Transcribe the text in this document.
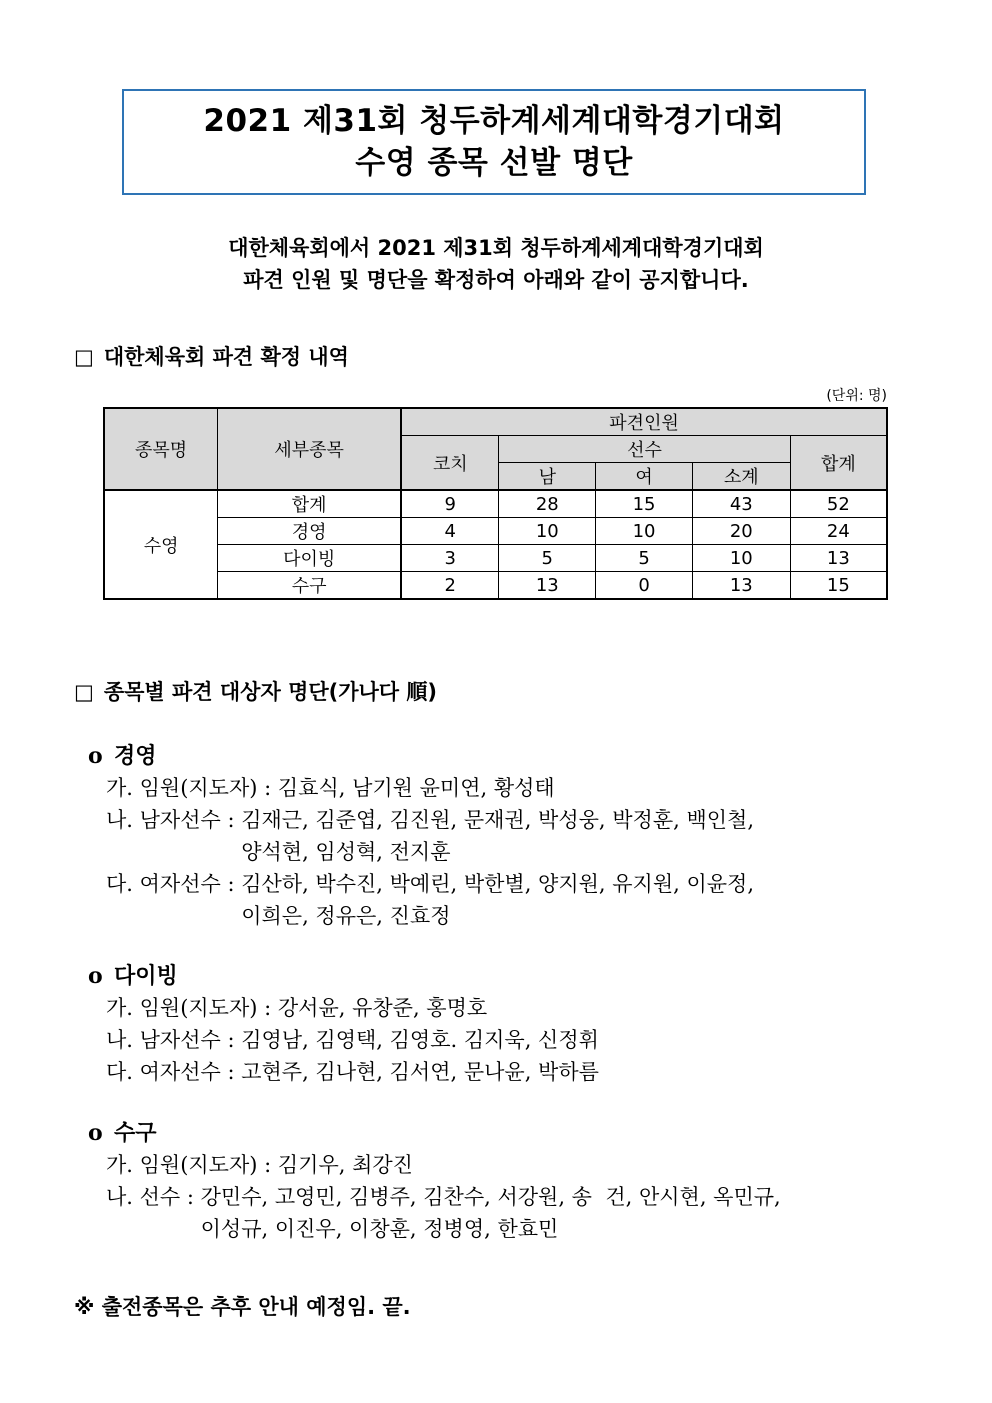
2021 제31회 청두하계세계대학경기대회
수영 종목 선발 명단
대한체육회에서 2021 제31회 청두하계세계대학경기대회
파견 인원 및 명단을 확정하여 아래와 같이 공지합니다.
□ 대한체육회 파견 확정 내역
(단위: 명)
종목명	세부종목	파견인원				
		코치	선수			합계
			남	여	소계	
수영	합계	9	28	15	43	52
	경영	4	10	10	20	24
	다이빙	3	5	5	10	13
	수구	2	13	0	13	15
□ 종목별 파견 대상자 명단(가나다 順)
o 경영
가. 임원(지도자) : 김효식, 남기원 윤미연, 황성태
나. 남자선수 : 김재근, 김준엽, 김진원, 문재권, 박성웅, 박정훈, 백인철,
양석현, 임성혁, 전지훈
다. 여자선수 : 김산하, 박수진, 박예린, 박한별, 양지원, 유지원, 이윤정,
이희은, 정유은, 진효정
o 다이빙
가. 임원(지도자) : 강서윤, 유창준, 홍명호
나. 남자선수 : 김영남, 김영택, 김영호. 김지욱, 신정휘
다. 여자선수 : 고현주, 김나현, 김서연, 문나윤, 박하름
o 수구
가. 임원(지도자) : 김기우, 최강진
나. 선수 : 강민수, 고영민, 김병주, 김찬수, 서강원, 송  건, 안시현, 옥민규,
이성규, 이진우, 이창훈, 정병영, 한효민
※ 출전종목은 추후 안내 예정임. 끝.
